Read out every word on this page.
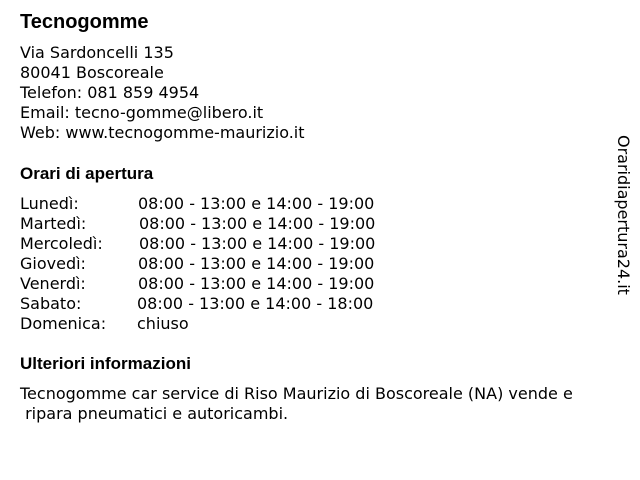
Tecnogomme
Via Sardoncelli 135
80041 Boscoreale
Telefon: 081 859 4954
Email: tecno-gomme@libero.it
Web: www.tecnogomme-maurizio.it
Orari di apertura
Lunedì:	08:00 - 13:00 e 14:00 - 19:00
Martedì:	08:00 - 13:00 e 14:00 - 19:00
Mercoledì: 08:00 - 13:00 e 14:00 - 19:00
Giovedì:	08:00 - 13:00 e 14:00 - 19:00
Venerdì:	08:00 - 13:00 e 14:00 - 19:00
Sabato:	08:00 - 13:00 e 14:00 - 18:00
Domenica: chiuso
Ulteriori informazioni
Tecnogomme car service di Riso Maurizio di Boscoreale (NA) vende e
ripara pneumatici e autoricambi.
Oraridiapertura24.it
